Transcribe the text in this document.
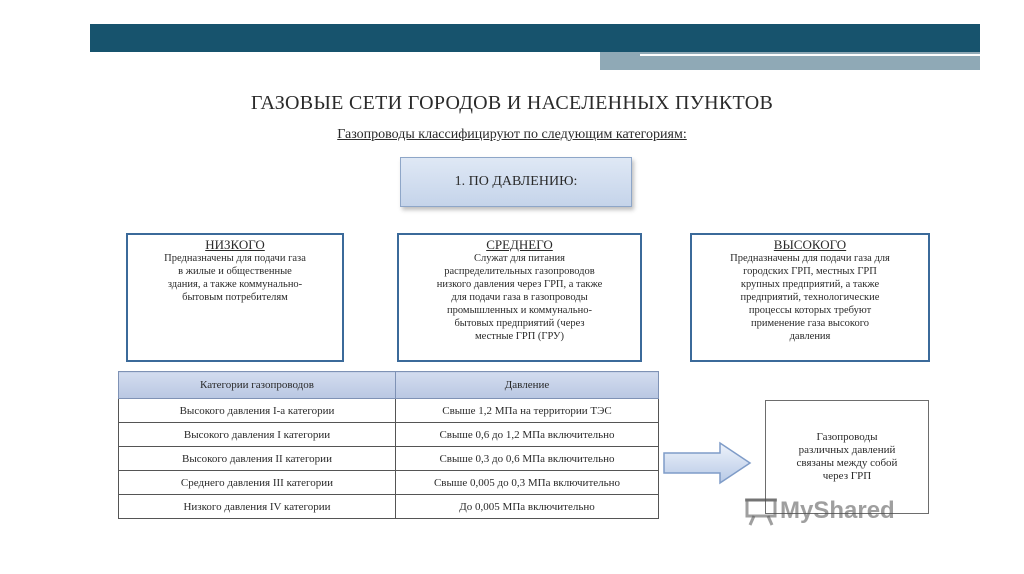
ГАЗОВЫЕ СЕТИ ГОРОДОВ И НАСЕЛЕННЫХ ПУНКТОВ
Газопроводы классифицируют по следующим категориям:
1. ПО ДАВЛЕНИЮ:
НИЗКОГО
Предназначены для подачи газа
в жилые и общественные
здания, а также коммунально-
бытовым потребителям
СРЕДНЕГО
Служат для питания
распределительных газопроводов
низкого давления через ГРП, а также
для подачи газа в газопроводы
промышленных и коммунально-
бытовых предприятий (через
местные ГРП (ГРУ)
ВЫСОКОГО
Предназначены для подачи газа для
городских ГРП, местных ГРП
крупных предприятий, а также
предприятий, технологические
процессы которых требуют
применение газа высокого
давления
Категории газопроводов	Давление
Высокого давления I-а категории	Свыше 1,2 МПа на территории ТЭС
Высокого давления I категории	Свыше 0,6 до 1,2 МПа включительно
Высокого давления II категории	Свыше 0,3 до 0,6 МПа включительно
Среднего давления III категории	Свыше 0,005 до 0,3 МПа включительно
Низкого давления IV категории	До 0,005 МПа включительно
Газопроводы
различных давлений
связаны между собой
через ГРП
MyShared
